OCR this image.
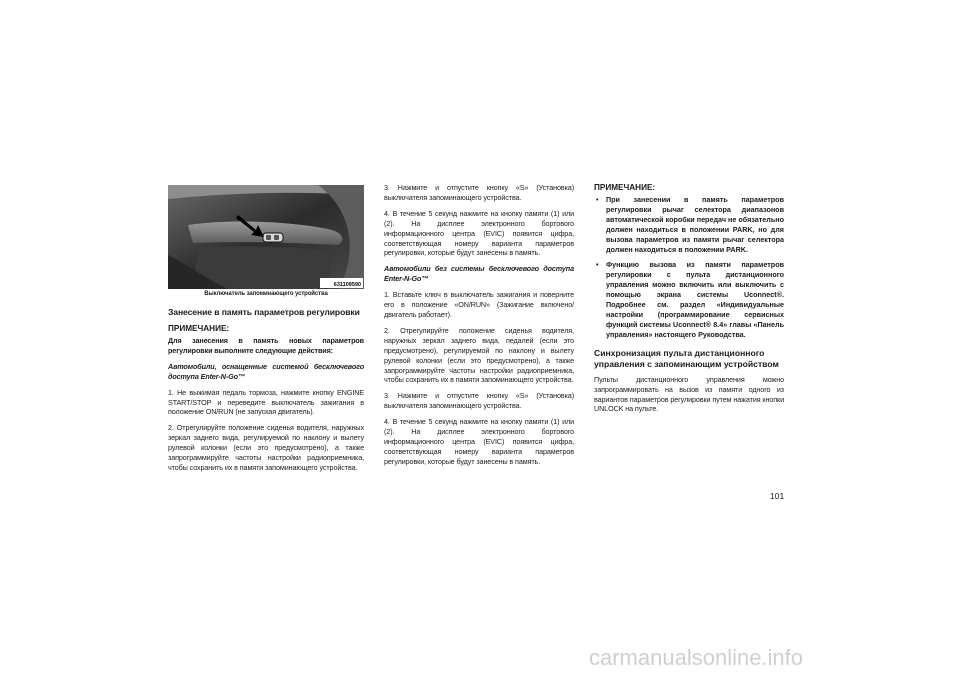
631109590
Выключатель запоминающего устройства
Занесение в память параметров регулировки
ПРИМЕЧАНИЕ:

Для занесения в память новых параметров регулировки выполните следующие действия:

Автомобили, оснащенные системой бесключевого доступа Enter-N-Go™

1. Не выжимая педаль тормоза, нажмите кнопку ENGINE START/STOP и переведите выключатель зажигания в положение ON/RUN (не запуская двигатель).

2. Отрегулируйте положение сиденья водителя, наружных зеркал заднего вида, регулируемой по наклону и вылету рулевой колонки (если это предусмотрено), а также запрограммируйте частоты настройки радиоприемника, чтобы сохранить их в памяти запоминающего устройства.

3. Нажмите и отпустите кнопку «S» (Установка) выключателя запоминающего устройства.

4. В течение 5 секунд нажмите на кнопку памяти (1) или (2). На дисплее электронного бортового информационного центра (EVIC) появится цифра, соответствующая номеру варианта параметров регулировки, которые будут занесены в память.

Автомобили без системы бесключевого доступа Enter-N-Go™

1. Вставьте ключ в выключатель зажигания и поверните его в положение «ON/RUN» (Зажигание включено/двигатель работает).

2. Отрегулируйте положение сиденья водителя, наружных зеркал заднего вида, педалей (если это предусмотрено), регулируемой по наклону и вылету рулевой колонки (если это предусмотрено), а также запрограммируйте частоты настройки радиоприемника, чтобы сохранить их в памяти запоминающего устройства.

3. Нажмите и отпустите кнопку «S» (Установка) выключателя запоминающего устройства.

4. В течение 5 секунд нажмите на кнопку памяти (1) или (2). На дисплее электронного бортового информационного центра (EVIC) появится цифра, соответствующая номеру варианта параметров регулировки, которые будут занесены в память.

ПРИМЕЧАНИЕ:
• При занесении в память параметров регулировки рычаг селектора диапазонов автоматической коробки передач не обязательно должен находиться в положении PARK, но для вызова параметров из памяти рычаг селектора должен находиться в положении PARK.
• Функцию вызова из памяти параметров регулировки с пульта дистанционного управления можно включить или выключить с помощью экрана системы Uconnect®. Подробнее см. раздел «Индивидуальные настройки (программирование сервисных функций системы Uconnect® 8.4» главы «Панель управления» настоящего Руководства.
Синхронизация пульта дистанционного управления с запоминающим устройством

Пульты дистанционного управления можно запрограммировать на вызов из памяти одного из вариантов параметров регулировки путем нажатия кнопки UNLOCK на пульте.

101
carmanualsonline.info
